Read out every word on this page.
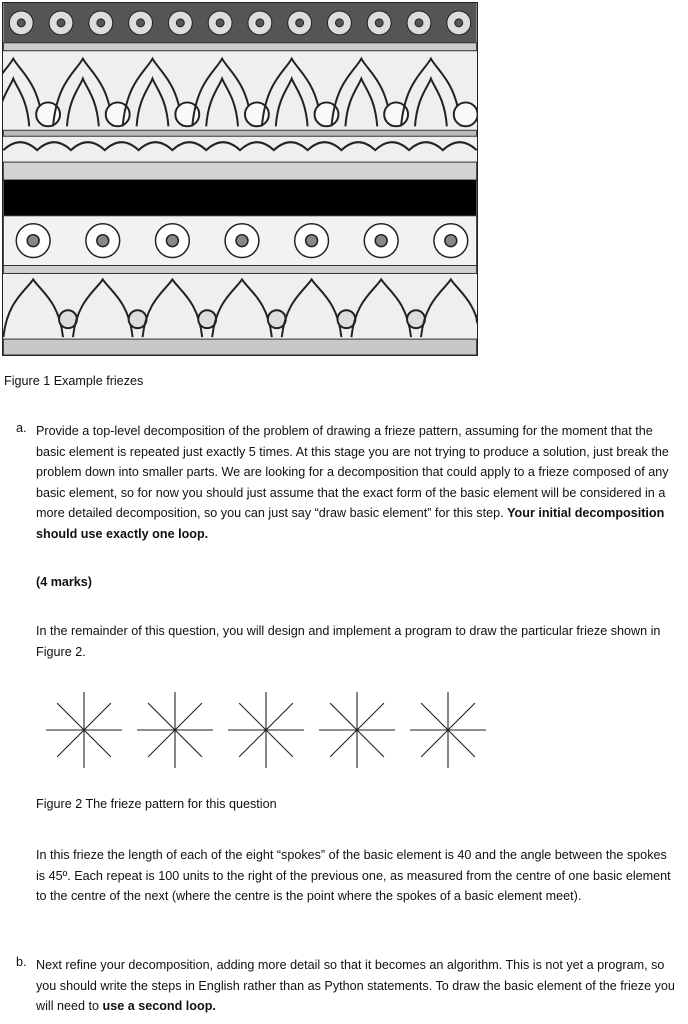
Figure 1 Example friezes
a. Provide a top-level decomposition of the problem of drawing a frieze pattern, assuming for the moment that the basic element is repeated just exactly 5 times. At this stage you are not trying to produce a solution, just break the problem down into smaller parts. We are looking for a decomposition that could apply to a frieze composed of any basic element, so for now you should just assume that the exact form of the basic element will be considered in a more detailed decomposition, so you can just say “draw basic element” for this step. Your initial decomposition should use exactly one loop.
(4 marks)
In the remainder of this question, you will design and implement a program to draw the particular frieze shown in Figure 2.
Figure 2 The frieze pattern for this question
In this frieze the length of each of the eight “spokes” of the basic element is 40 and the angle between the spokes is 45º. Each repeat is 100 units to the right of the previous one, as measured from the centre of one basic element to the centre of the next (where the centre is the point where the spokes of a basic element meet).
b. Next refine your decomposition, adding more detail so that it becomes an algorithm. This is not yet a program, so you should write the steps in English rather than as Python statements. To draw the basic element of the frieze you will need to use a second loop.
